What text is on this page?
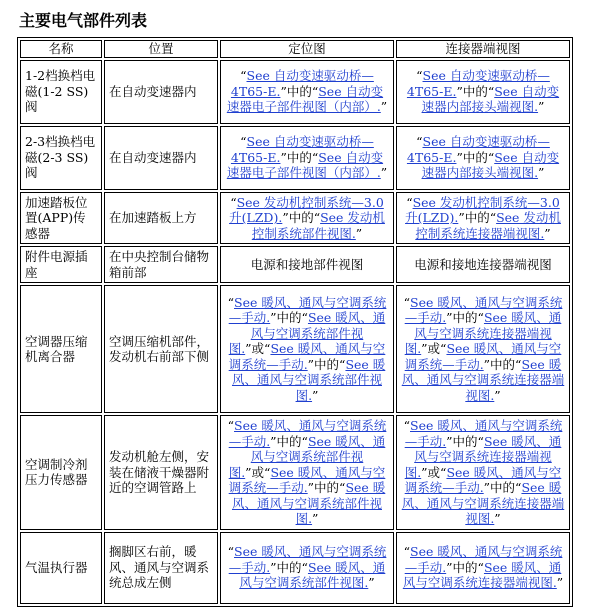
主要电气部件列表
名称	位置	定位图	连接器端视图
1-2档换档电磁(1-2 SS)阀	在自动变速器内	“See 自动变速驱动桥—4T65-E.”中的“See 自动变速器电子部件视图（内部）.”	“See 自动变速驱动桥—4T65-E.”中的“See 自动变速器内部接头端视图.”
2-3档换档电磁(2-3 SS)阀	在自动变速器内	“See 自动变速驱动桥—4T65-E.”中的“See 自动变速器电子部件视图（内部）.”	“See 自动变速驱动桥—4T65-E.”中的“See 自动变速器内部接头端视图.”
加速踏板位置(APP)传感器	在加速踏板上方	“See 发动机控制系统—3.0升(LZD).”中的“See 发动机控制系统部件视图.”	“See 发动机控制系统—3.0升(LZD).”中的“See 发动机控制系统连接器端视图.”
附件电源插座	在中央控制台储物箱前部	电源和接地部件视图	电源和接地连接器端视图
空调器压缩机离合器	空调压缩机部件，发动机右前部下侧	“See 暖风、通风与空调系统—手动.”中的“See 暖风、通风与空调系统部件视图.”或“See 暖风、通风与空调系统—手动.”中的“See 暖风、通风与空调系统部件视图.”	“See 暖风、通风与空调系统—手动.”中的“See 暖风、通风与空调系统连接器端视图.”或“See 暖风、通风与空调系统—手动.”中的“See 暖风、通风与空调系统连接器端视图.”
空调制冷剂压力传感器	发动机舱左侧，安装在储液干燥器附近的空调管路上	“See 暖风、通风与空调系统—手动.”中的“See 暖风、通风与空调系统部件视图.”或“See 暖风、通风与空调系统—手动.”中的“See 暖风、通风与空调系统部件视图.”	“See 暖风、通风与空调系统—手动.”中的“See 暖风、通风与空调系统连接器端视图.”或“See 暖风、通风与空调系统—手动.”中的“See 暖风、通风与空调系统连接器端视图.”
气温执行器	搁脚区右前，暖风、通风与空调系统总成左侧	“See 暖风、通风与空调系统—手动.”中的“See 暖风、通风与空调系统部件视图.”	“See 暖风、通风与空调系统—手动.”中的“See 暖风、通风与空调系统连接器端视图.”
